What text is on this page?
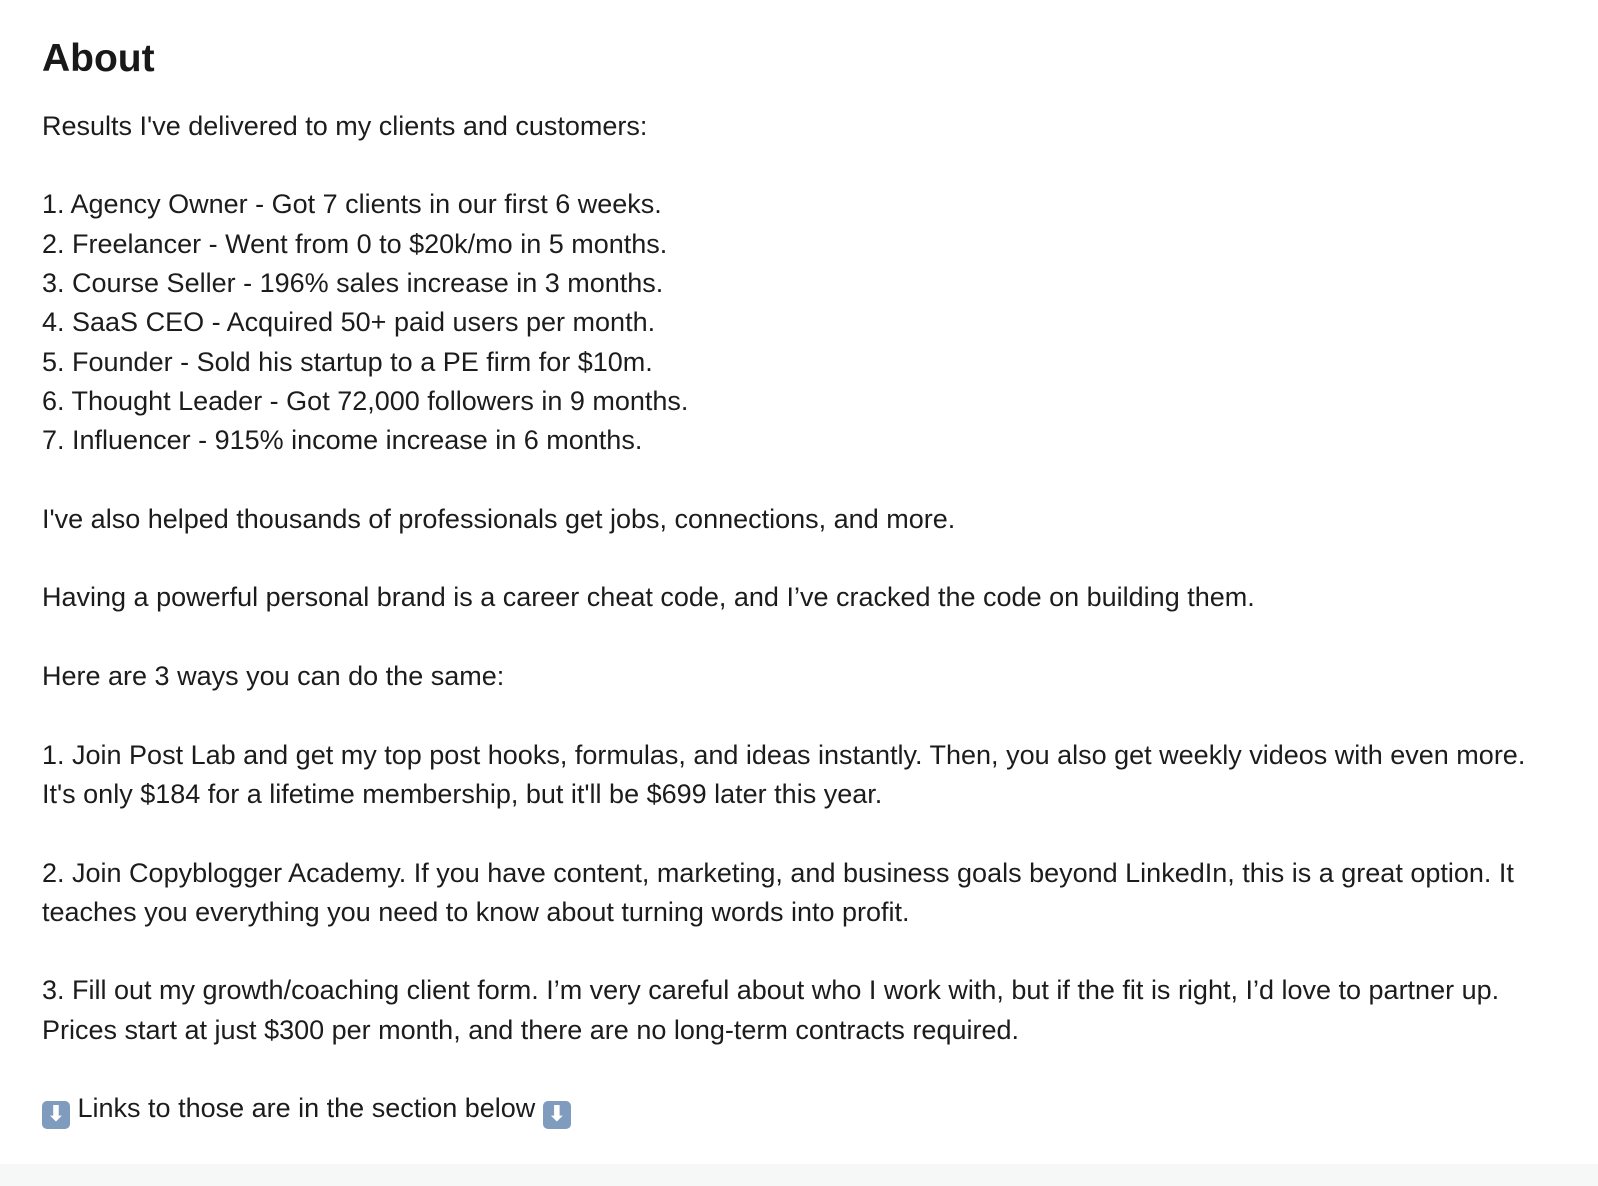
About

Results I've delivered to my clients and customers:

1. Agency Owner - Got 7 clients in our first 6 weeks.
2. Freelancer - Went from 0 to $20k/mo in 5 months.
3. Course Seller - 196% sales increase in 3 months.
4. SaaS CEO - Acquired 50+ paid users per month.
5. Founder - Sold his startup to a PE firm for $10m.
6. Thought Leader - Got 72,000 followers in 9 months.
7. Influencer - 915% income increase in 6 months.

I've also helped thousands of professionals get jobs, connections, and more.

Having a powerful personal brand is a career cheat code, and I’ve cracked the code on building them.

Here are 3 ways you can do the same:

1. Join Post Lab and get my top post hooks, formulas, and ideas instantly. Then, you also get weekly videos with even more. It's only $184 for a lifetime membership, but it'll be $699 later this year.

2. Join Copyblogger Academy. If you have content, marketing, and business goals beyond LinkedIn, this is a great option. It teaches you everything you need to know about turning words into profit.

3. Fill out my growth/coaching client form. I’m very careful about who I work with, but if the fit is right, I’d love to partner up. Prices start at just $300 per month, and there are no long-term contracts required.

⬇ Links to those are in the section below ⬇
